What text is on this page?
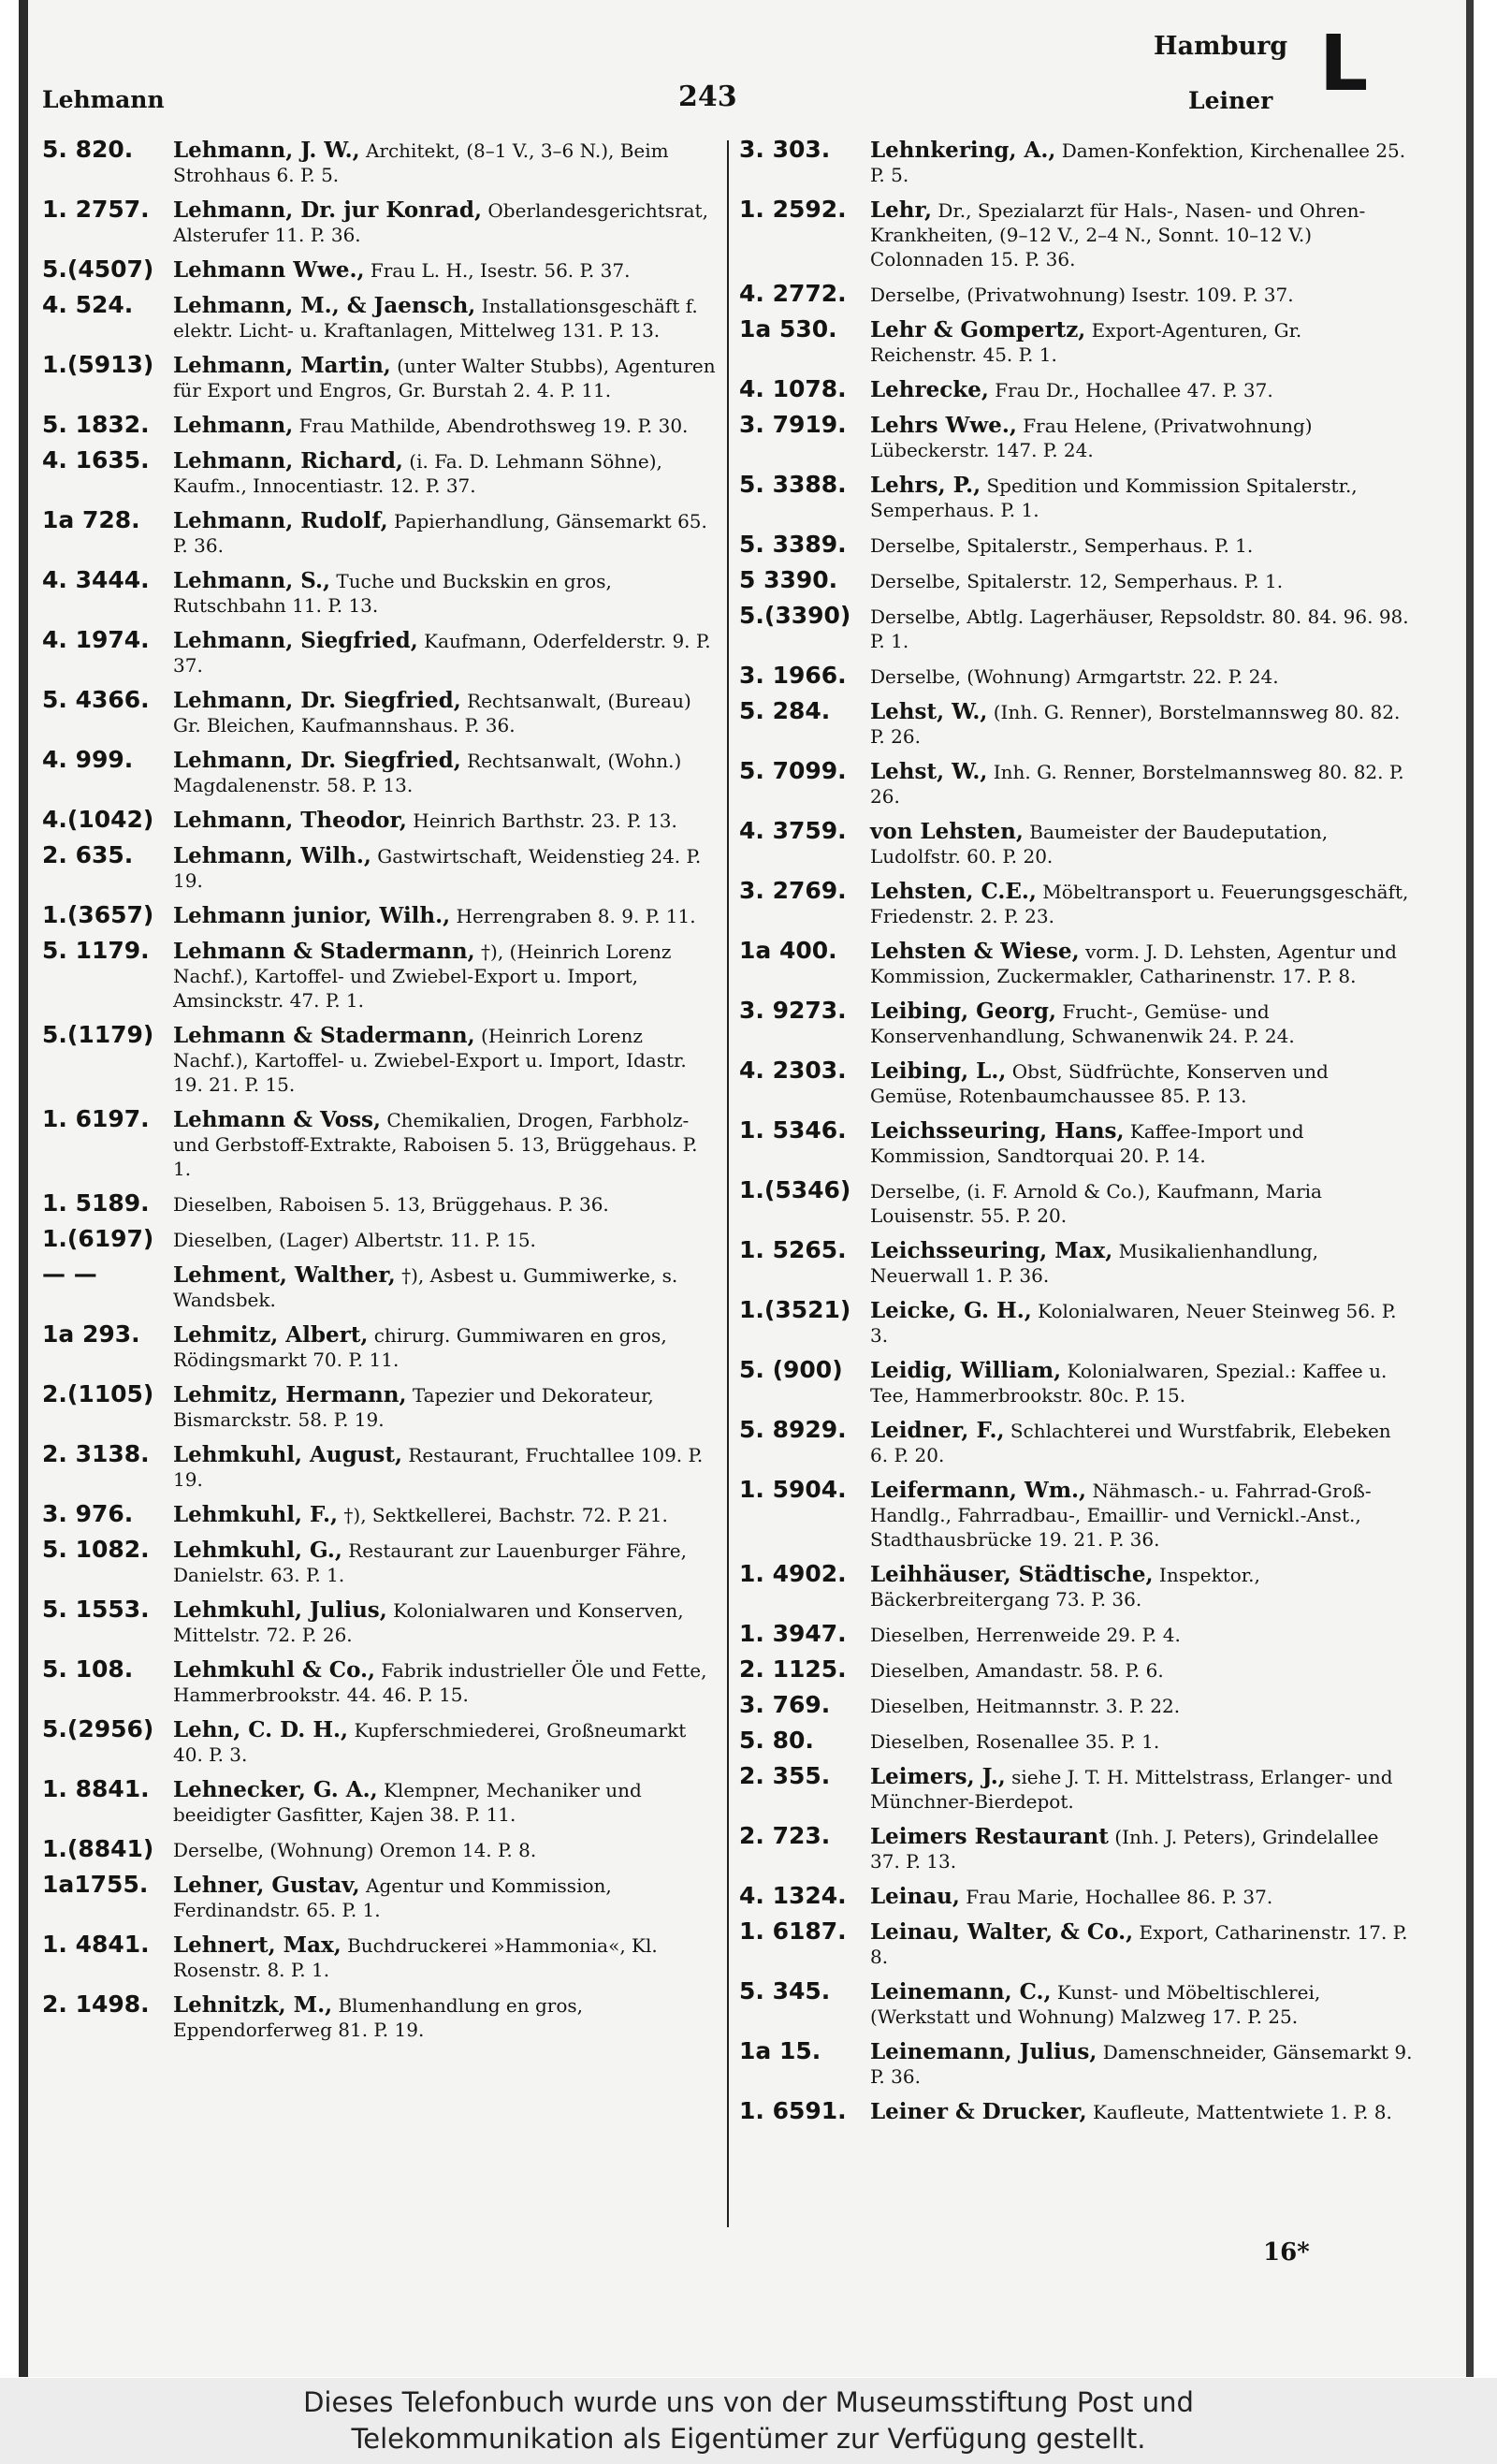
Lehmann	243
Hamburg
Leiner L
5. 820.	Lehmann, J. W., Architekt, (8–1 V., 3–6 N.), Beim Strohhaus 6. P. 5.
1. 2757.	Lehmann, Dr. jur Konrad, Oberlandesgerichtsrat, Alsterufer 11. P. 36.
5.(4507) Lehmann Wwe., Frau L. H., Isestr. 56. P. 37.
4. 524.	Lehmann, M., & Jaensch, Installationsgeschäft f. elektr. Licht- u. Kraftanlagen, Mittelweg 131. P. 13.
1.(5913) Lehmann, Martin, (unter Walter Stubbs), Agenturen für Export und Engros, Gr. Burstah 2. 4. P. 11.
5. 1832.	Lehmann, Frau Mathilde, Abendrothsweg 19. P. 30.
4. 1635.	Lehmann, Richard, (i. Fa. D. Lehmann Söhne), Kaufm., Innocentiastr. 12. P. 37.
1a 728.	Lehmann, Rudolf, Papierhandlung, Gänsemarkt 65. P. 36.
4. 3444.	Lehmann, S., Tuche und Buckskin en gros, Rutschbahn 11. P. 13.
4. 1974.	Lehmann, Siegfried, Kaufmann, Oderfelderstr. 9. P. 37.
5. 4366.	Lehmann, Dr. Siegfried, Rechtsanwalt, (Bureau) Gr. Bleichen, Kaufmannshaus. P. 36.
4. 999.	Lehmann, Dr. Siegfried, Rechtsanwalt, (Wohn.) Magdalenenstr. 58. P. 13.
4.(1042) Lehmann, Theodor, Heinrich Barthstr. 23. P. 13.
2. 635.	Lehmann, Wilh., Gastwirtschaft, Weidenstieg 24. P. 19.
1.(3657) Lehmann junior, Wilh., Herrengraben 8. 9. P. 11.
5. 1179.	Lehmann & Stadermann, †), (Heinrich Lorenz Nachf.), Kartoffel- und Zwiebel-Export u. Import, Amsinckstr. 47. P. 1.
5.(1179) Lehmann & Stadermann, (Heinrich Lorenz Nachf.), Kartoffel- u. Zwiebel-Export u. Import, Idastr. 19. 21. P. 15.
1. 6197.	Lehmann & Voss, Chemikalien, Drogen, Farbholz- und Gerbstoff-Extrakte, Raboisen 5. 13, Brüggehaus. P. 1.
1. 5189.	Dieselben, Raboisen 5. 13, Brüggehaus. P. 36.
1.(6197)	Dieselben, (Lager) Albertstr. 11. P. 15.
— —	Lehment, Walther, †), Asbest u. Gummiwerke, s. Wandsbek.
1a 293.	Lehmitz, Albert, chirurg. Gummiwaren en gros, Rödingsmarkt 70. P. 11.
2.(1105) Lehmitz, Hermann, Tapezier und Dekorateur, Bismarckstr. 58. P. 19.
2. 3138.	Lehmkuhl, August, Restaurant, Fruchtallee 109. P. 19.
3. 976.	Lehmkuhl, F., †), Sektkellerei, Bachstr. 72. P. 21.
5. 1082.	Lehmkuhl, G., Restaurant zur Lauenburger Fähre, Danielstr. 63. P. 1.
5. 1553.	Lehmkuhl, Julius, Kolonialwaren und Konserven, Mittelstr. 72. P. 26.
5. 108.	Lehmkuhl & Co., Fabrik industrieller Öle und Fette, Hammerbrookstr. 44. 46. P. 15.
5.(2956) Lehn, C. D. H., Kupferschmiederei, Großneumarkt 40. P. 3.
1. 8841.	Lehnecker, G. A., Klempner, Mechaniker und beeidigter Gasfitter, Kajen 38. P. 11.
1.(8841)	Derselbe, (Wohnung) Oremon 14. P. 8.
1a1755.	Lehner, Gustav, Agentur und Kommission, Ferdinandstr. 65. P. 1.
1. 4841.	Lehnert, Max, Buchdruckerei »Hammonia«, Kl. Rosenstr. 8. P. 1.
2. 1498.	Lehnitzk, M., Blumenhandlung en gros, Eppendorferweg 81. P. 19.
3. 303.	Lehnkering, A., Damen-Konfektion, Kirchenallee 25. P. 5.
1. 2592.	Lehr, Dr., Spezialarzt für Hals-, Nasen- und Ohren-Krankheiten, (9–12 V., 2–4 N., Sonnt. 10–12 V.) Colonnaden 15. P. 36.
4. 2772.	Derselbe, (Privatwohnung) Isestr. 109. P. 37.
1a 530.	Lehr & Gompertz, Export-Agenturen, Gr. Reichenstr. 45. P. 1.
4. 1078.	Lehrecke, Frau Dr., Hochallee 47. P. 37.
3. 7919.	Lehrs Wwe., Frau Helene, (Privatwohnung) Lübeckerstr. 147. P. 24.
5. 3388.	Lehrs, P., Spedition und Kommission Spitalerstr., Semperhaus. P. 1.
5. 3389.	Derselbe, Spitalerstr., Semperhaus. P. 1.
5 3390.	Derselbe, Spitalerstr. 12, Semperhaus. P. 1.
5.(3390)	Derselbe, Abtlg. Lagerhäuser, Repsoldstr. 80. 84. 96. 98. P. 1.
3. 1966.	Derselbe, (Wohnung) Armgartstr. 22. P. 24.
5. 284.	Lehst, W., (Inh. G. Renner), Borstelmannsweg 80. 82. P. 26.
5. 7099.	Lehst, W., Inh. G. Renner, Borstelmannsweg 80. 82. P. 26.
4. 3759.	von Lehsten, Baumeister der Baudeputation, Ludolfstr. 60. P. 20.
3. 2769.	Lehsten, C.E., Möbeltransport u. Feuerungsgeschäft, Friedenstr. 2. P. 23.
1a 400.	Lehsten & Wiese, vorm. J. D. Lehsten, Agentur und Kommission, Zuckermakler, Catharinenstr. 17. P. 8.
3. 9273.	Leibing, Georg, Frucht-, Gemüse- und Konservenhandlung, Schwanenwik 24. P. 24.
4. 2303.	Leibing, L., Obst, Südfrüchte, Konserven und Gemüse, Rotenbaumchaussee 85. P. 13.
1. 5346.	Leichsseuring, Hans, Kaffee-Import und Kommission, Sandtorquai 20. P. 14.
1.(5346)	Derselbe, (i. F. Arnold & Co.), Kaufmann, Maria Louisenstr. 55. P. 20.
1. 5265.	Leichsseuring, Max, Musikalienhandlung, Neuerwall 1. P. 36.
1.(3521) Leicke, G. H., Kolonialwaren, Neuer Steinweg 56. P. 3.
5. (900)	Leidig, William, Kolonialwaren, Spezial.: Kaffee u. Tee, Hammerbrookstr. 80c. P. 15.
5. 8929.	Leidner, F., Schlachterei und Wurstfabrik, Elebeken 6. P. 20.
1. 5904.	Leifermann, Wm., Nähmasch.- u. Fahrrad-Groß-Handlg., Fahrradbau-, Emaillir- und Vernickl.-Anst., Stadthausbrücke 19. 21. P. 36.
1. 4902.	Leihhäuser, Städtische, Inspektor., Bäckerbreitergang 73. P. 36.
1. 3947.	Dieselben, Herrenweide 29. P. 4.
2. 1125.	Dieselben, Amandastr. 58. P. 6.
3. 769.	Dieselben, Heitmannstr. 3. P. 22.
5. 80.	Dieselben, Rosenallee 35. P. 1.
2. 355.	Leimers, J., siehe J. T. H. Mittelstrass, Erlanger- und Münchner-Bierdepot.
2. 723.	Leimers Restaurant (Inh. J. Peters), Grindelallee 37. P. 13.
4. 1324.	Leinau, Frau Marie, Hochallee 86. P. 37.
1. 6187.	Leinau, Walter, & Co., Export, Catharinenstr. 17. P. 8.
5. 345.	Leinemann, C., Kunst- und Möbeltischlerei, (Werkstatt und Wohnung) Malzweg 17. P. 25.
1a 15.	Leinemann, Julius, Damenschneider, Gänsemarkt 9. P. 36.
1. 6591.	Leiner & Drucker, Kaufleute, Mattentwiete 1. P. 8.
16*
Dieses Telefonbuch wurde uns von der Museumsstiftung Post und
Telekommunikation als Eigentümer zur Verfügung gestellt.
